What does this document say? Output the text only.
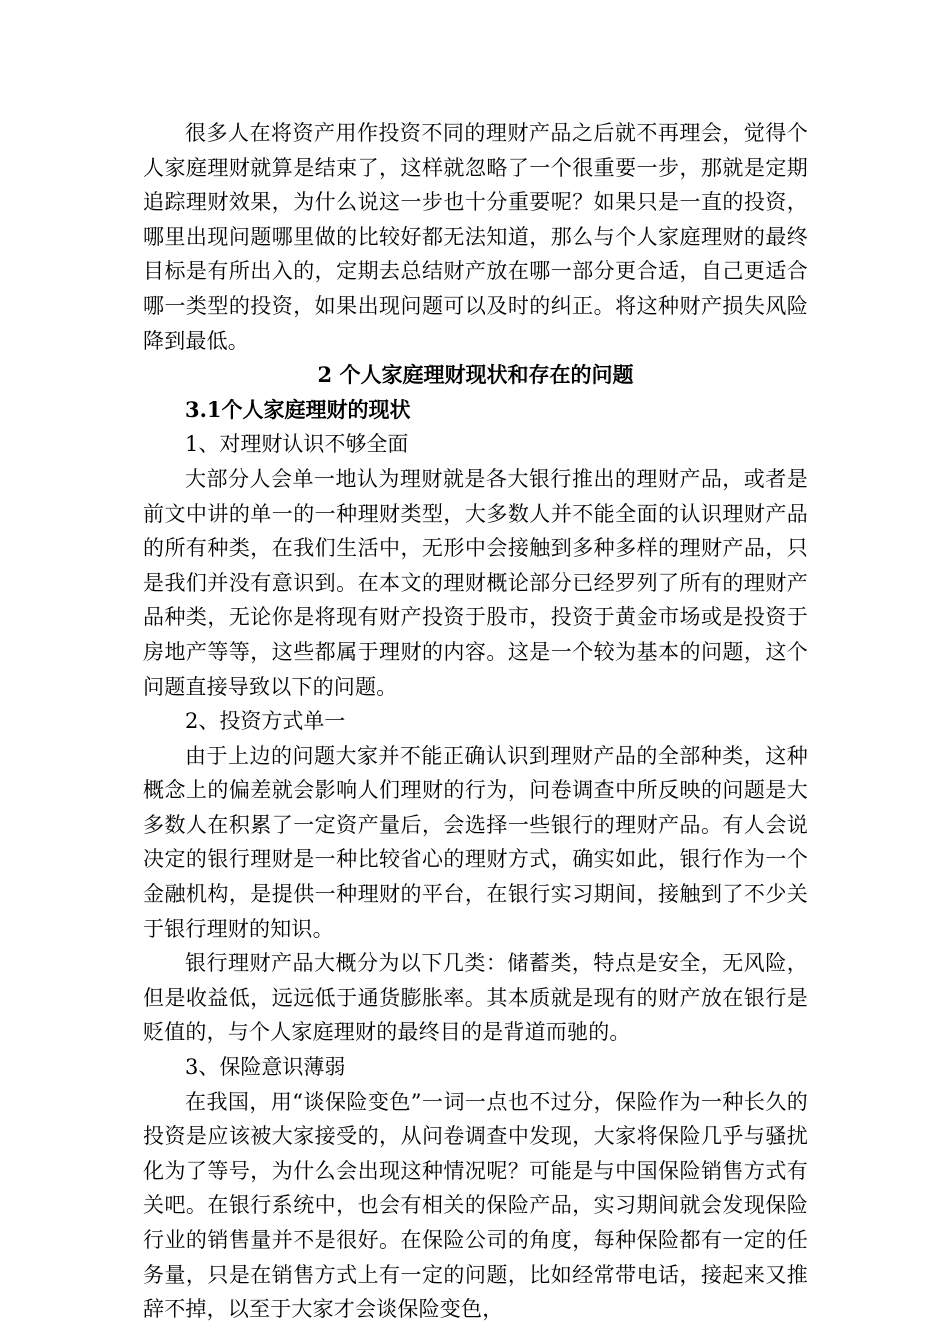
很多人在将资产用作投资不同的理财产品之后就不再理会，觉得个人家庭理财就算是结束了，这样就忽略了一个很重要一步，那就是定期追踪理财效果，为什么说这一步也十分重要呢？如果只是一直的投资，哪里出现问题哪里做的比较好都无法知道，那么与个人家庭理财的最终目标是有所出入的，定期去总结财产放在哪一部分更合适，自己更适合哪一类型的投资，如果出现问题可以及时的纠正。将这种财产损失风险降到最低。

2 个人家庭理财现状和存在的问题

3.1个人家庭理财的现状

1、对理财认识不够全面

大部分人会单一地认为理财就是各大银行推出的理财产品，或者是前文中讲的单一的一种理财类型，大多数人并不能全面的认识理财产品的所有种类，在我们生活中，无形中会接触到多种多样的理财产品，只是我们并没有意识到。在本文的理财概论部分已经罗列了所有的理财产品种类，无论你是将现有财产投资于股市，投资于黄金市场或是投资于房地产等等，这些都属于理财的内容。这是一个较为基本的问题，这个问题直接导致以下的问题。

2、投资方式单一

由于上边的问题大家并不能正确认识到理财产品的全部种类，这种概念上的偏差就会影响人们理财的行为，问卷调查中所反映的问题是大多数人在积累了一定资产量后，会选择一些银行的理财产品。有人会说决定的银行理财是一种比较省心的理财方式，确实如此，银行作为一个金融机构，是提供一种理财的平台，在银行实习期间，接触到了不少关于银行理财的知识。

银行理财产品大概分为以下几类：储蓄类，特点是安全，无风险，但是收益低，远远低于通货膨胀率。其本质就是现有的财产放在银行是贬值的，与个人家庭理财的最终目的是背道而驰的。

3、保险意识薄弱

在我国，用“谈保险变色”一词一点也不过分，保险作为一种长久的投资是应该被大家接受的，从问卷调查中发现，大家将保险几乎与骚扰化为了等号，为什么会出现这种情况呢？可能是与中国保险销售方式有关吧。在银行系统中，也会有相关的保险产品，实习期间就会发现保险行业的销售量并不是很好。在保险公司的角度，每种保险都有一定的任务量，只是在销售方式上有一定的问题，比如经常带电话，接起来又推辞不掉，以至于大家才会谈保险变色，
